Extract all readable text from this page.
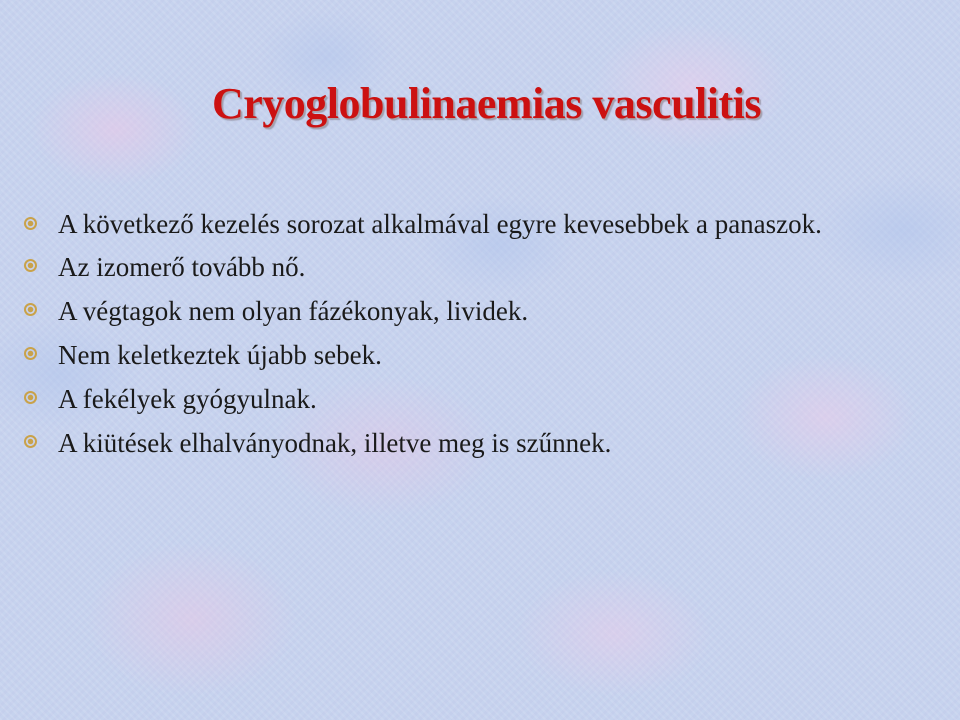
Cryoglobulinaemias vasculitis
A következő kezelés sorozat alkalmával egyre kevesebbek a panaszok.
Az izomerő tovább nő.
A végtagok nem olyan fázékonyak, lividek.
Nem keletkeztek újabb sebek.
A fekélyek gyógyulnak.
A kiütések elhalványodnak, illetve meg is szűnnek.
